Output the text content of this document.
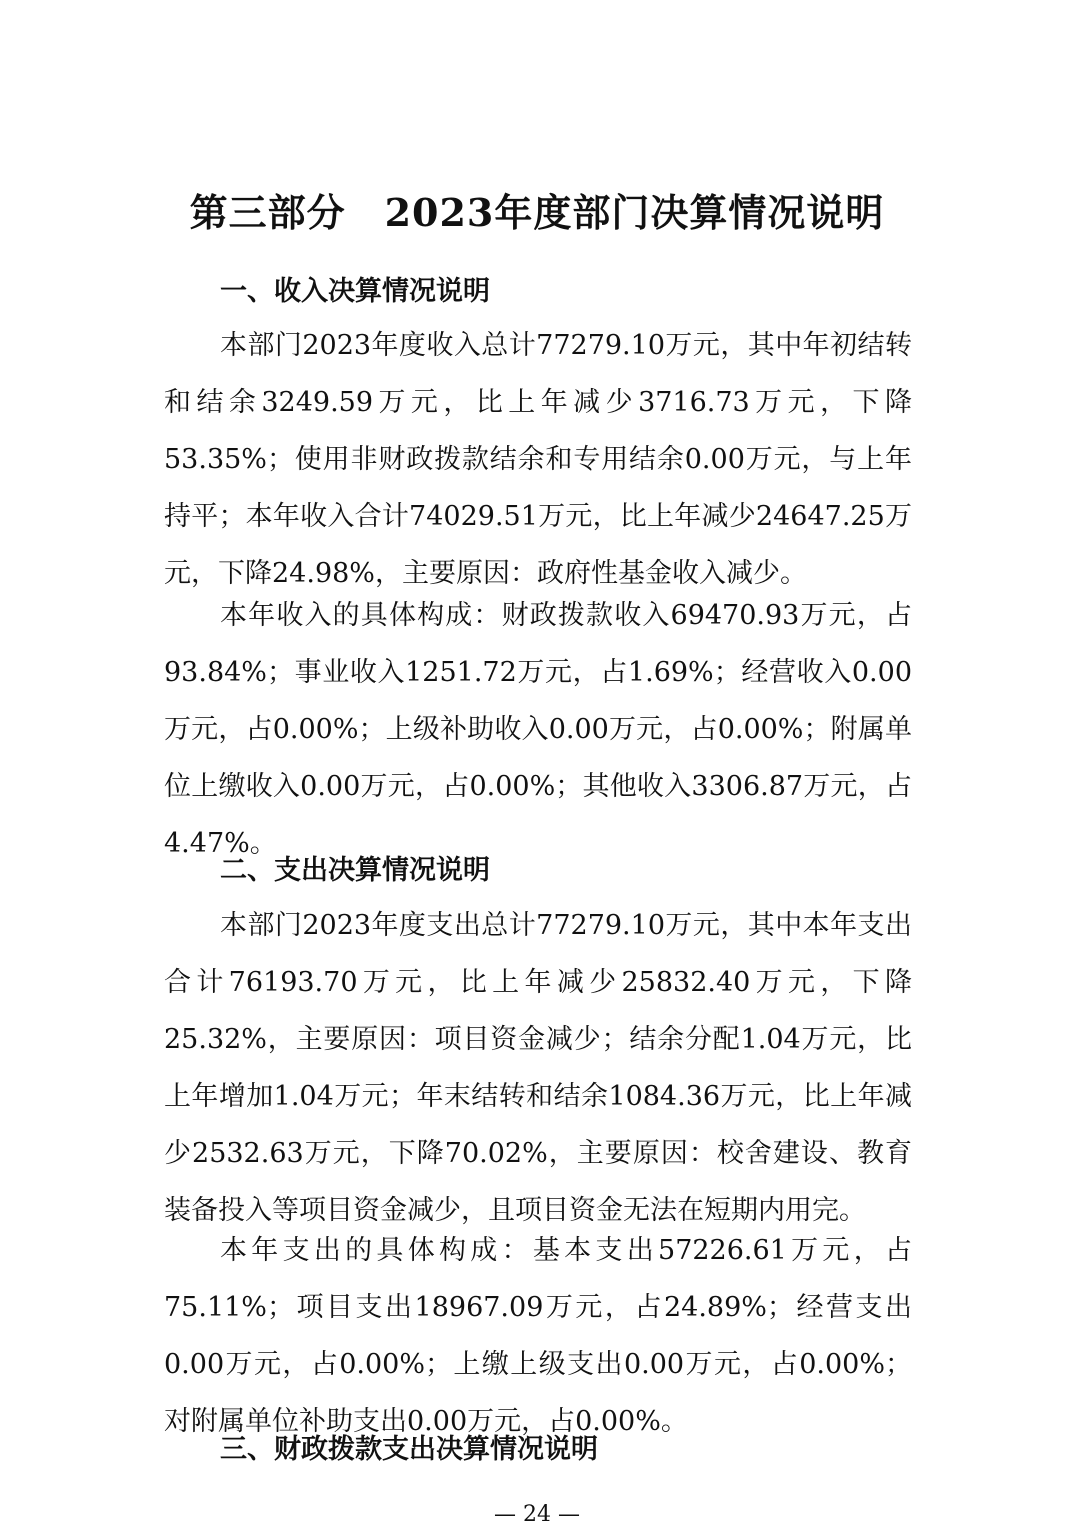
第三部分　2023年度部门决算情况说明
一、收入决算情况说明

本部门2023年度收入总计77279.10万元，其中年初结转和结余3249.59万元，比上年减少3716.73万元，下降53.35%；使用非财政拨款结余和专用结余0.00万元，与上年持平；本年收入合计74029.51万元，比上年减少24647.25万元，下降24.98%，主要原因：政府性基金收入减少。

本年收入的具体构成：财政拨款收入69470.93万元，占93.84%；事业收入1251.72万元，占1.69%；经营收入0.00万元，占0.00%；上级补助收入0.00万元，占0.00%；附属单位上缴收入0.00万元，占0.00%；其他收入3306.87万元，占4.47%。

二、支出决算情况说明

本部门2023年度支出总计77279.10万元，其中本年支出合计76193.70万元，比上年减少25832.40万元，下降25.32%，主要原因：项目资金减少；结余分配1.04万元，比上年增加1.04万元；年末结转和结余1084.36万元，比上年减少2532.63万元，下降70.02%，主要原因：校舍建设、教育装备投入等项目资金减少，且项目资金无法在短期内用完。

本年支出的具体构成：基本支出57226.61万元，占75.11%；项目支出18967.09万元，占24.89%；经营支出0.00万元，占0.00%；上缴上级支出0.00万元，占0.00%；对附属单位补助支出0.00万元，占0.00%。

三、财政拨款支出决算情况说明
— 24 —
